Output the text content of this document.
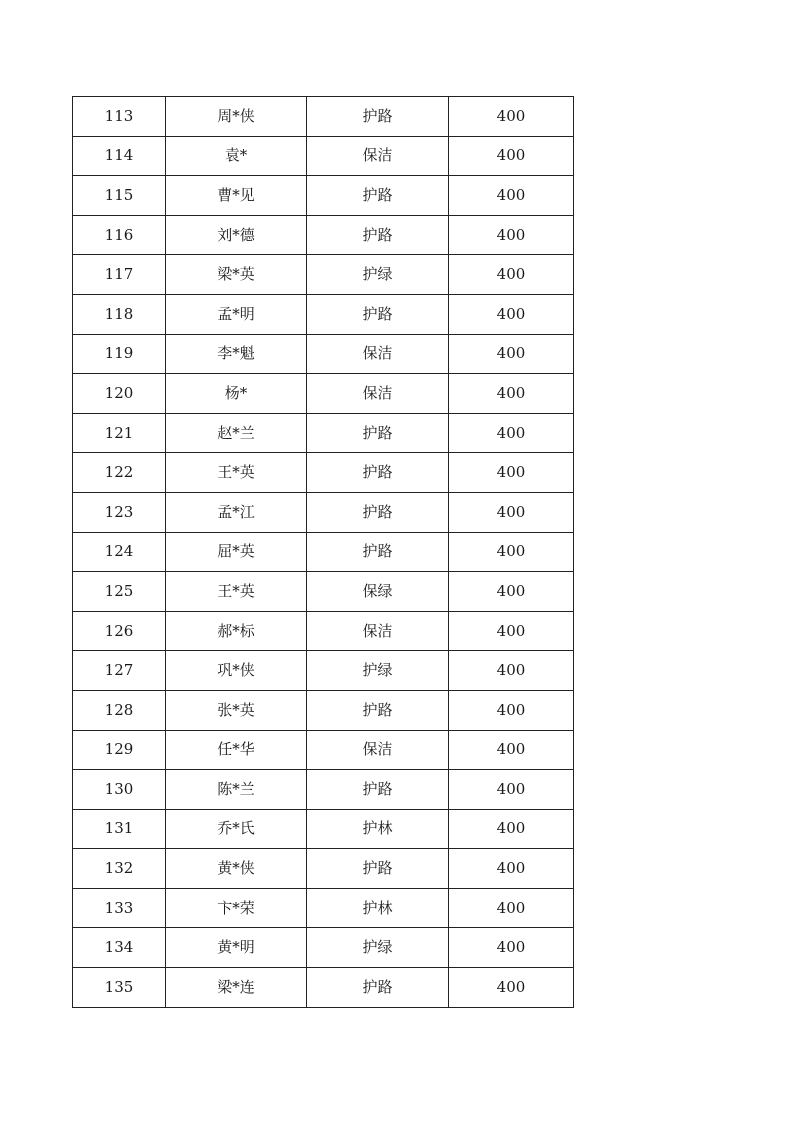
113	周*侠	护路	400
114	袁*	保洁	400
115	曹*见	护路	400
116	刘*德	护路	400
117	梁*英	护绿	400
118	孟*明	护路	400
119	李*魁	保洁	400
120	杨*	保洁	400
121	赵*兰	护路	400
122	王*英	护路	400
123	孟*江	护路	400
124	屈*英	护路	400
125	王*英	保绿	400
126	郝*标	保洁	400
127	巩*侠	护绿	400
128	张*英	护路	400
129	任*华	保洁	400
130	陈*兰	护路	400
131	乔*氏	护林	400
132	黄*侠	护路	400
133	卞*荣	护林	400
134	黄*明	护绿	400
135	梁*连	护路	400
